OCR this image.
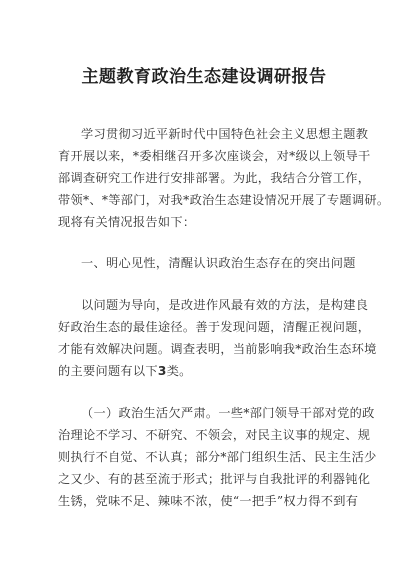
主题教育政治生态建设调研报告
学习贯彻习近平新时代中国特色社会主义思想主题教
育开展以来，*委相继召开多次座谈会，对*级以上领导干
部调查研究工作进行安排部署。为此，我结合分管工作，
带领*、*等部门，对我*政治生态建设情况开展了专题调研。
现将有关情况报告如下：
一、明心见性，清醒认识政治生态存在的突出问题
以问题为导向，是改进作风最有效的方法，是构建良
好政治生态的最佳途径。善于发现问题，清醒正视问题，
才能有效解决问题。调查表明，当前影响我*政治生态环境
的主要问题有以下3类。
（一）政治生活欠严肃。一些*部门领导干部对党的政
治理论不学习、不研究、不领会，对民主议事的规定、规
则执行不自觉、不认真；部分*部门组织生活、民主生活少
之又少、有的甚至流于形式；批评与自我批评的利器钝化
生锈，党味不足、辣味不浓，使“一把手”权力得不到有
